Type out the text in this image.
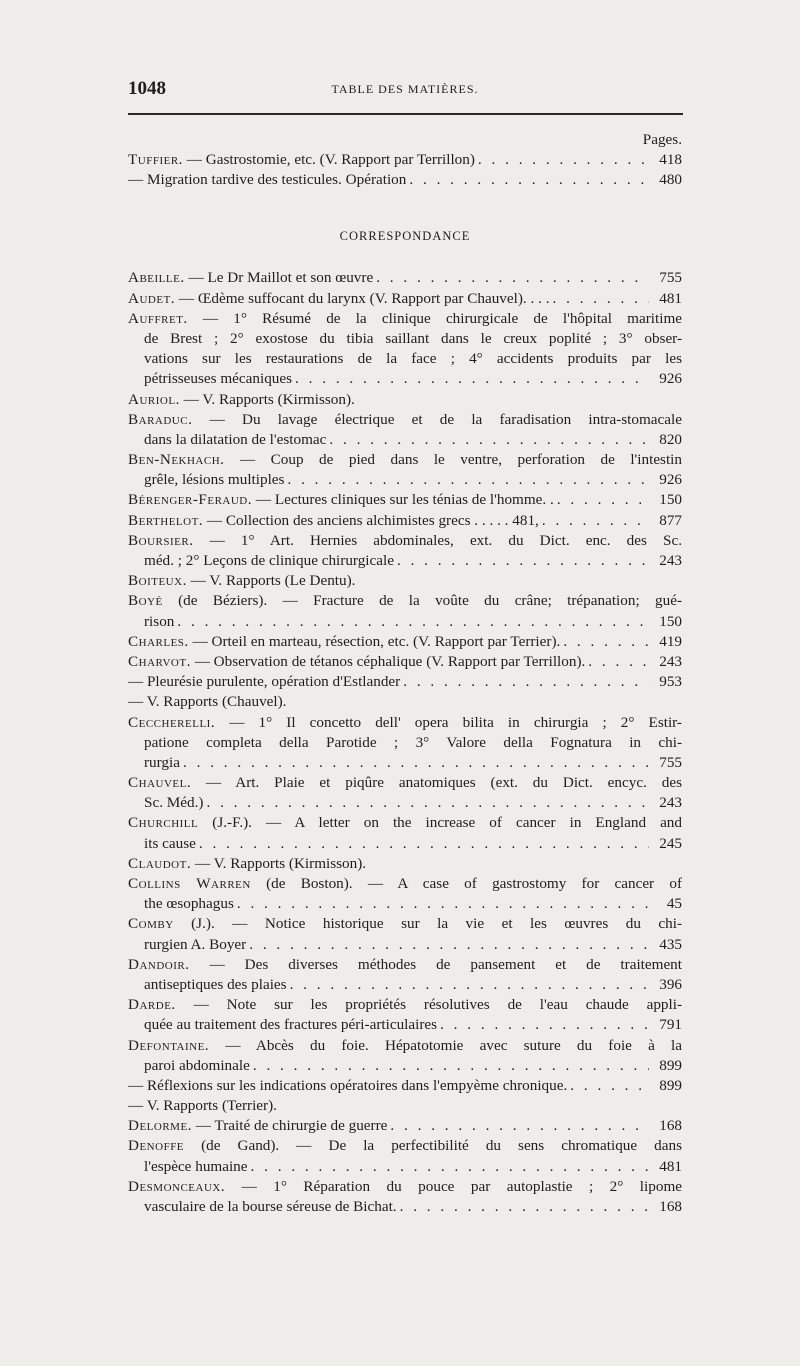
1048	TABLE DES MATIÈRES.
Pages.
Tuffier. — Gastrostomie, etc. (V. Rapport par Terrillon) . . .	418
— Migration tardive des testicules. Opération . . .	480
CORRESPONDANCE
Abeille. — Le Dr Maillot et son œuvre . . .	755
Audet. — Œdème suffocant du larynx (V. Rapport par Chauvel). . . . . . .	481
Auffret. — 1° Résumé de la clinique chirurgicale de l'hôpital maritime
de Brest ; 2° exostose du tibia saillant dans le creux poplité ; 3° obser-
vations sur les restaurations de la face ; 4° accidents produits par les
pétrisseuses mécaniques . . .	926
Auriol. — V. Rapports (Kirmisson).
Baraduc. — Du lavage électrique et de la faradisation intra-stomacale
dans la dilatation de l'estomac . . .	820
Ben-Nekhach. — Coup de pied dans le ventre, perforation de l'intestin
grêle, lésions multiples . . .	926
Bérenger-Feraud. — Lectures cliniques sur les ténias de l'homme. . . . .	150
Berthelot. — Collection des anciens alchimistes grecs . . . . . 481, . . .	877
Boursier. — 1° Art. Hernies abdominales, ext. du Dict. enc. des Sc.
méd. ; 2° Leçons de clinique chirurgicale . . .	243
Boiteux. — V. Rapports (Le Dentu).
Boyé (de Béziers). — Fracture de la voûte du crâne; trépanation; gué-
rison . . .	150
Charles. — Orteil en marteau, résection, etc. (V. Rapport par Terrier). . . .	419
Charvot. — Observation de tétanos céphalique (V. Rapport par Terrillon). . . .	243
— Pleurésie purulente, opération d'Estlander . . .	953
— V. Rapports (Chauvel).
Ceccherelli. — 1° Il concetto dell' opera bilita in chirurgia ; 2° Estir-
patione completa della Parotide ; 3° Valore della Fognatura in chi-
rurgia . . .	755
Chauvel. — Art. Plaie et piqûre anatomiques (ext. du Dict. encyc. des
Sc. Méd.) . . .	243
Churchill (J.-F.). — A letter on the increase of cancer in England and
its cause . . .	245
Claudot. — V. Rapports (Kirmisson).
Collins Warren (de Boston). — A case of gastrostomy for cancer of
the œsophagus . . .	45
Comby (J.). — Notice historique sur la vie et les œuvres du chi-
rurgien A. Boyer . . .	435
Dandoir. — Des diverses méthodes de pansement et de traitement
antiseptiques des plaies . . .	396
Darde. — Note sur les propriétés résolutives de l'eau chaude appli-
quée au traitement des fractures péri-articulaires . . .	791
Defontaine. — Abcès du foie. Hépatotomie avec suture du foie à la
paroi abdominale . . .	899
— Réflexions sur les indications opératoires dans l'empyème chronique. . . .	899
— V. Rapports (Terrier).
Delorme. — Traité de chirurgie de guerre . . .	168
Denoffe (de Gand). — De la perfectibilité du sens chromatique dans
l'espèce humaine . . .	481
Desmonceaux. — 1° Réparation du pouce par autoplastie ; 2° lipome
vasculaire de la bourse séreuse de Bichat. . . .	168
